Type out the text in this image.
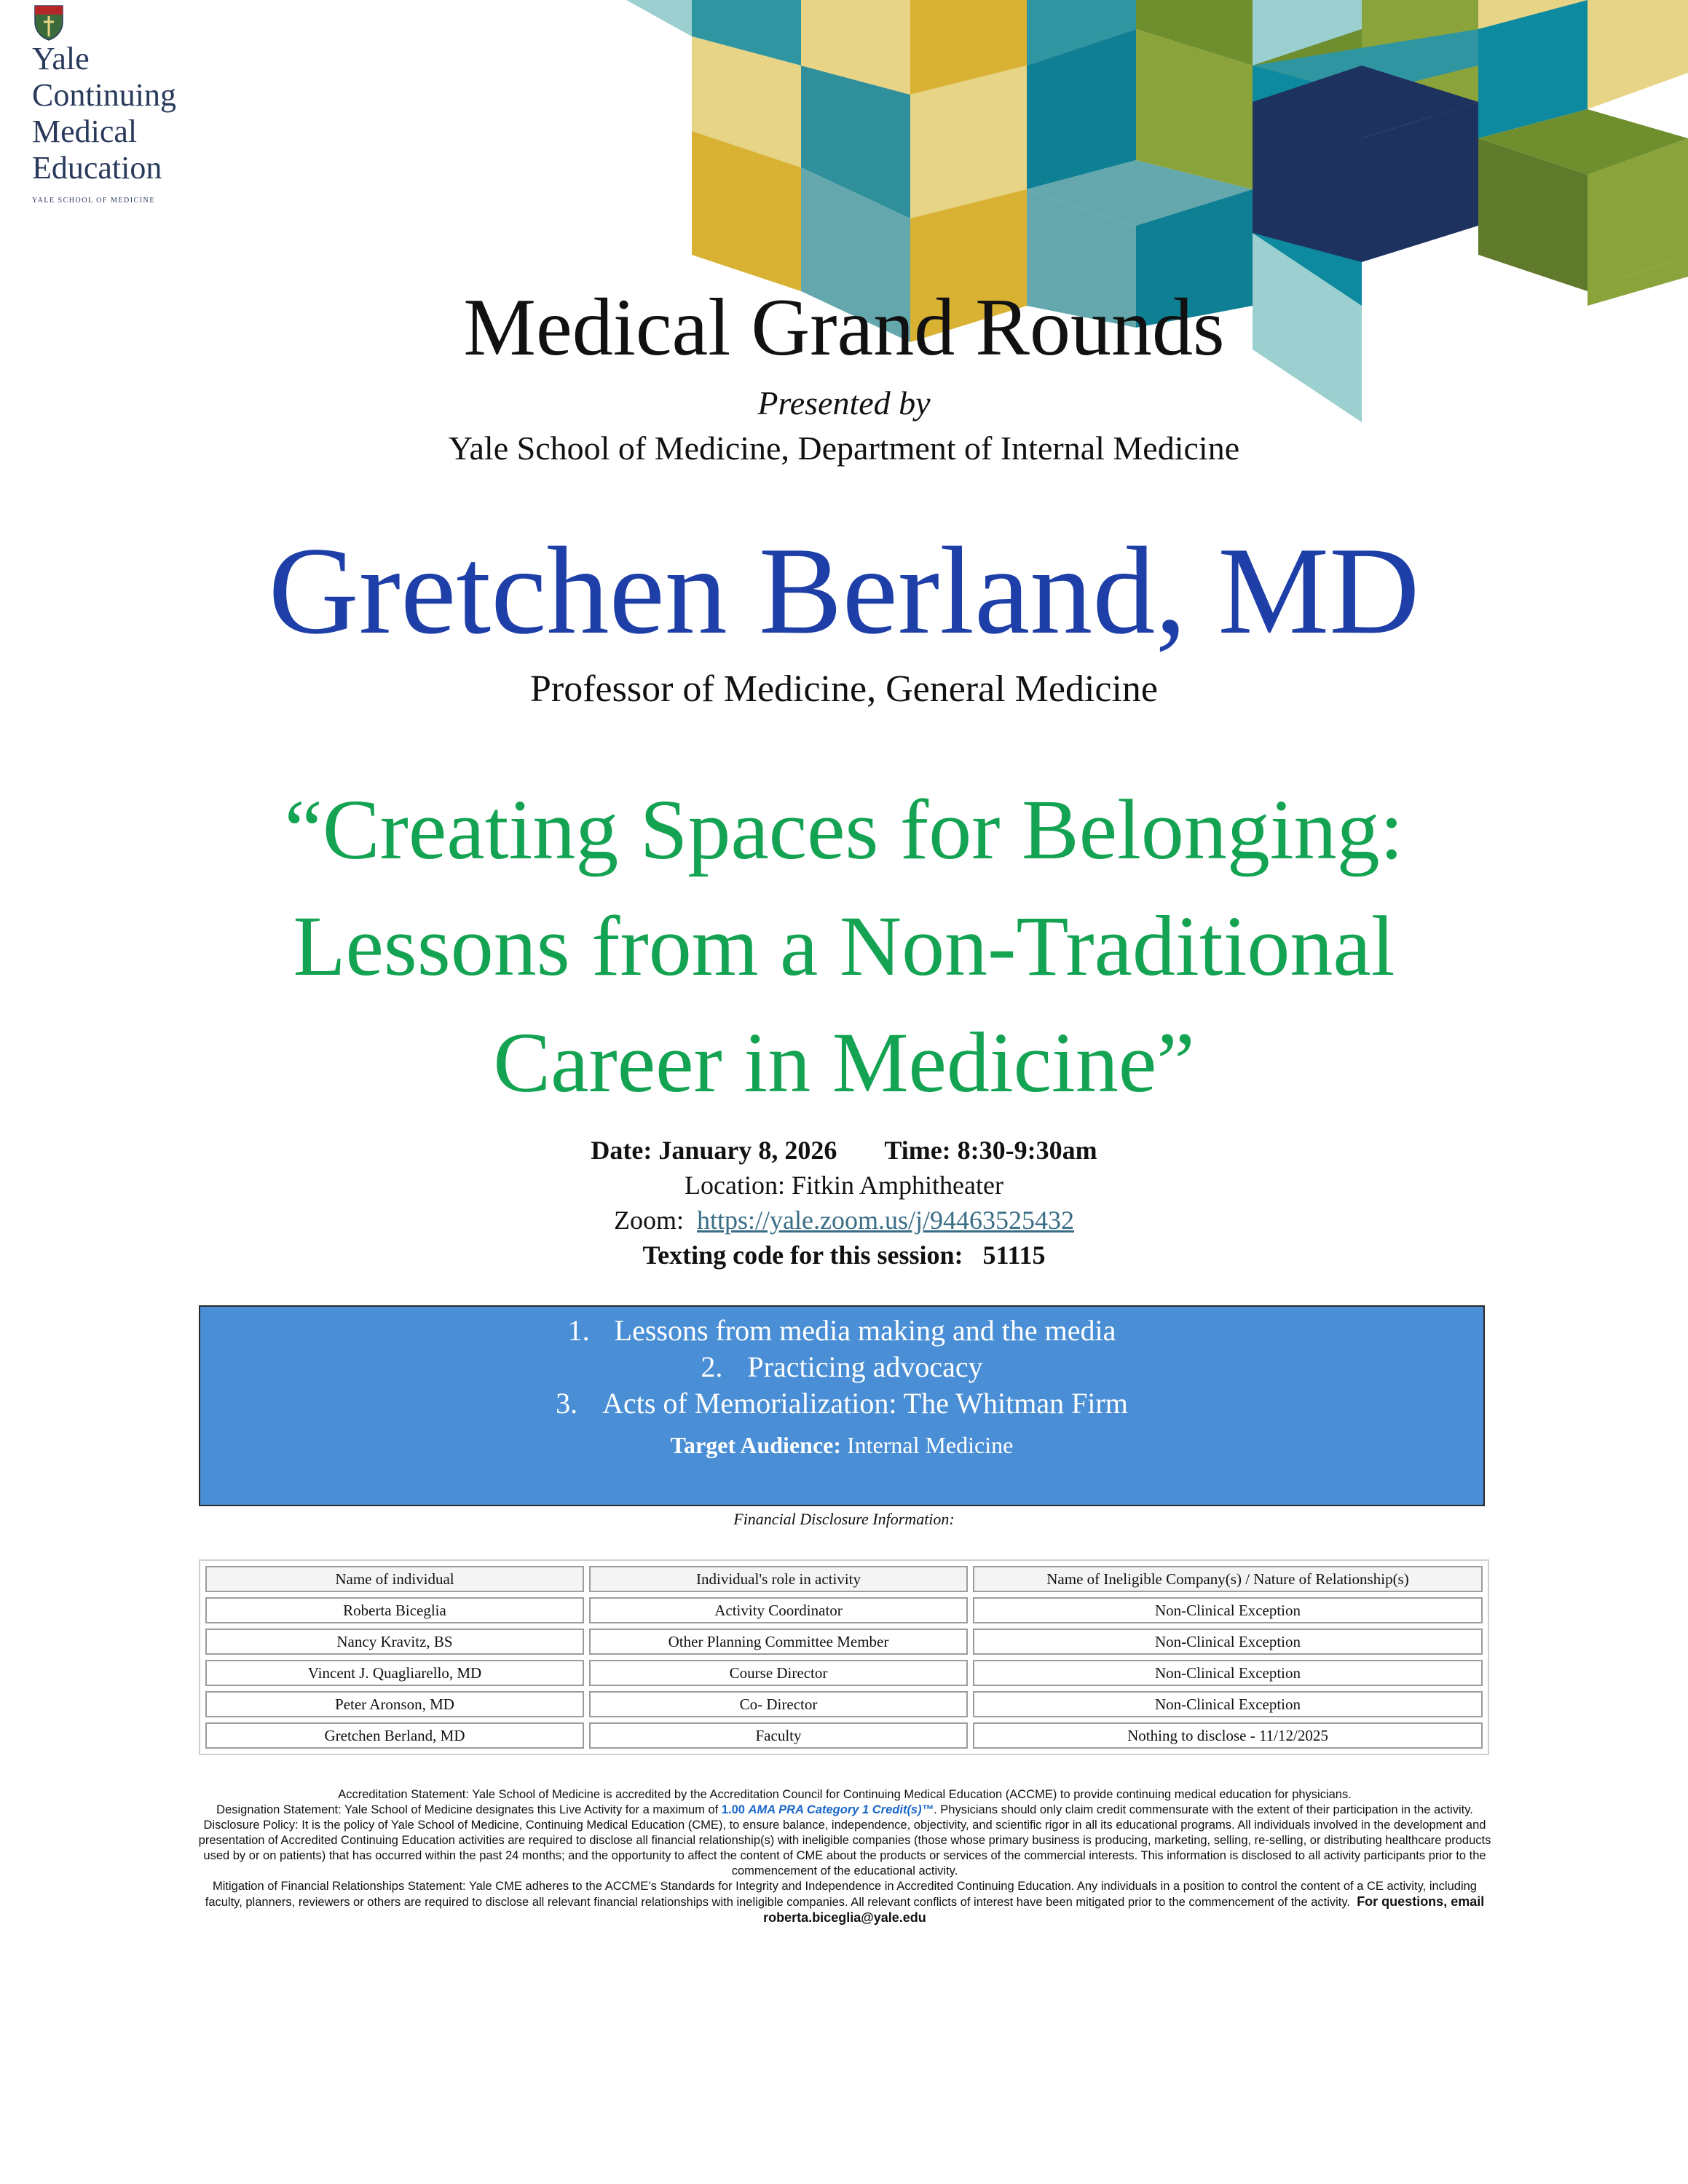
Yale
Continuing
Medical
Education
YALE SCHOOL OF MEDICINE
Medical Grand Rounds
Presented by
Yale School of Medicine, Department of Internal Medicine
Gretchen Berland, MD
Professor of Medicine, General Medicine
“Creating Spaces for Belonging:
Lessons from a Non-Traditional
Career in Medicine”
Date: January 8, 2026 Time: 8:30-9:30am
Location: Fitkin Amphitheater
Zoom: https://yale.zoom.us/j/94463525432
Texting code for this session: 51115
1. Lessons from media making and the media
2. Practicing advocacy
3. Acts of Memorialization: The Whitman Firm
Target Audience: Internal Medicine
Financial Disclosure Information:
Name of individual	Individual's role in activity	Name of Ineligible Company(s) / Nature of Relationship(s)
Roberta Biceglia	Activity Coordinator	Non-Clinical Exception
Nancy Kravitz, BS	Other Planning Committee Member	Non-Clinical Exception
Vincent J. Quagliarello, MD	Course Director	Non-Clinical Exception
Peter Aronson, MD	Co- Director	Non-Clinical Exception
Gretchen Berland, MD	Faculty	Nothing to disclose - 11/12/2025

Accreditation Statement: Yale School of Medicine is accredited by the Accreditation Council for Continuing Medical Education (ACCME) to provide continuing medical education for physicians.

Designation Statement: Yale School of Medicine designates this Live Activity for a maximum of 1.00 AMA PRA Category 1 Credit(s)™. Physicians should only claim credit commensurate with the extent of their participation in the activity.

Disclosure Policy: It is the policy of Yale School of Medicine, Continuing Medical Education (CME), to ensure balance, independence, objectivity, and scientific rigor in all its educational programs. All individuals involved in the development and presentation of Accredited Continuing Education activities are required to disclose all financial relationship(s) with ineligible companies (those whose primary business is producing, marketing, selling, re-selling, or distributing healthcare products used by or on patients) that has occurred within the past 24 months; and the opportunity to affect the content of CME about the products or services of the commercial interests. This information is disclosed to all activity participants prior to the commencement of the educational activity.

Mitigation of Financial Relationships Statement: Yale CME adheres to the ACCME’s Standards for Integrity and Independence in Accredited Continuing Education. Any individuals in a position to control the content of a CE activity, including faculty, planners, reviewers or others are required to disclose all relevant financial relationships with ineligible companies. All relevant conflicts of interest have been mitigated prior to the commencement of the activity. For questions, email roberta.biceglia@yale.edu
